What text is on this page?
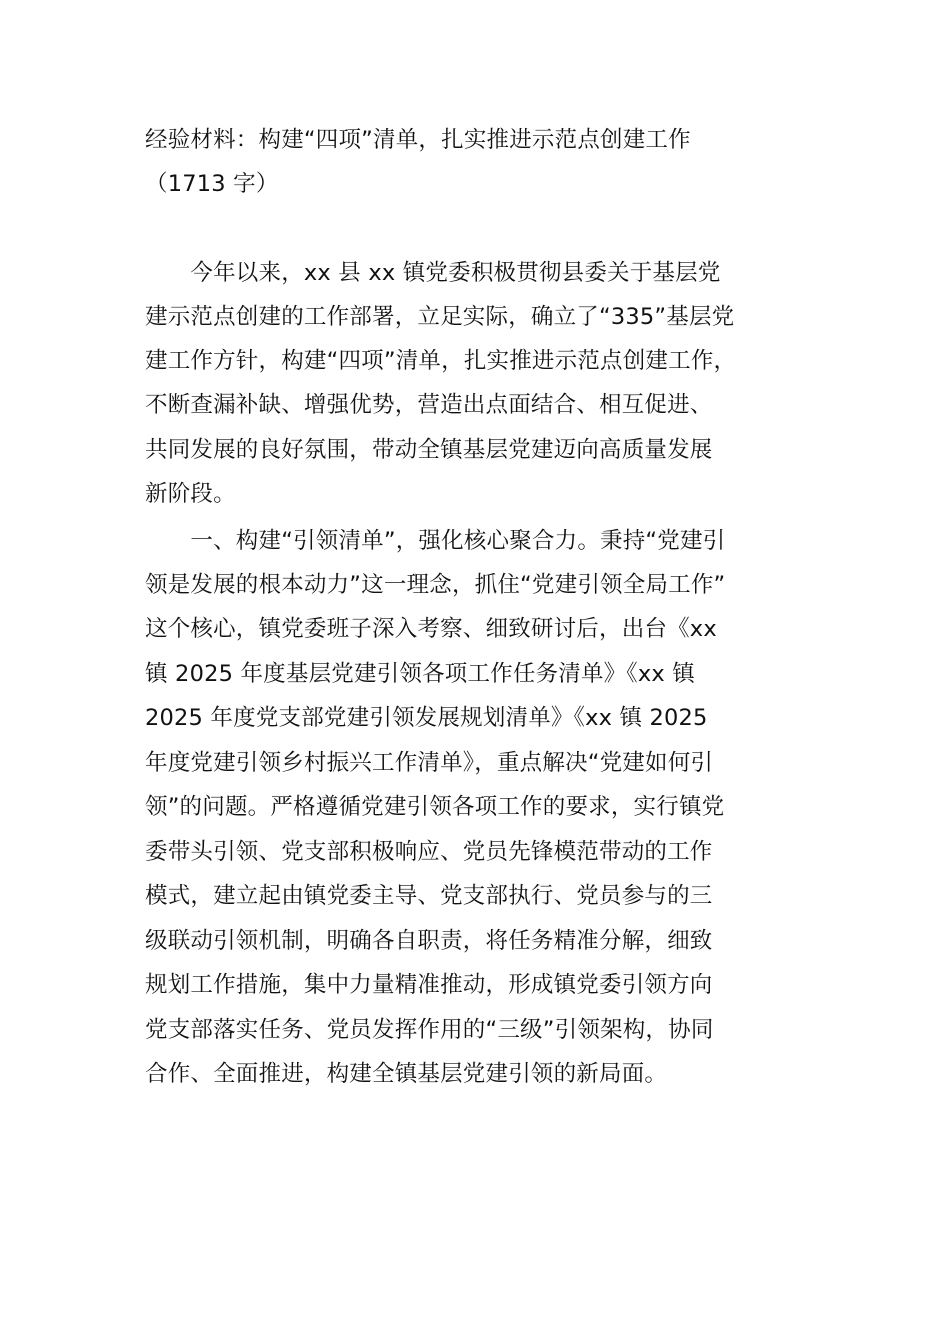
经验材料：构建“四项”清单，扎实推进示范点创建工作
（1713 字）
　　今年以来，xx 县 xx 镇党委积极贯彻县委关于基层党
建示范点创建的工作部署，立足实际，确立了“335”基层党
建工作方针，构建“四项”清单，扎实推进示范点创建工作，
不断查漏补缺、增强优势，营造出点面结合、相互促进、
共同发展的良好氛围，带动全镇基层党建迈向高质量发展
新阶段。
　　一、构建“引领清单”，强化核心聚合力。秉持“党建引
领是发展的根本动力”这一理念，抓住“党建引领全局工作”
这个核心，镇党委班子深入考察、细致研讨后，出台《xx
镇 2025 年度基层党建引领各项工作任务清单》《xx 镇
2025 年度党支部党建引领发展规划清单》《xx 镇 2025
年度党建引领乡村振兴工作清单》，重点解决“党建如何引
领”的问题。严格遵循党建引领各项工作的要求，实行镇党
委带头引领、党支部积极响应、党员先锋模范带动的工作
模式，建立起由镇党委主导、党支部执行、党员参与的三
级联动引领机制，明确各自职责，将任务精准分解，细致
规划工作措施，集中力量精准推动，形成镇党委引领方向
党支部落实任务、党员发挥作用的“三级”引领架构，协同
合作、全面推进，构建全镇基层党建引领的新局面。
